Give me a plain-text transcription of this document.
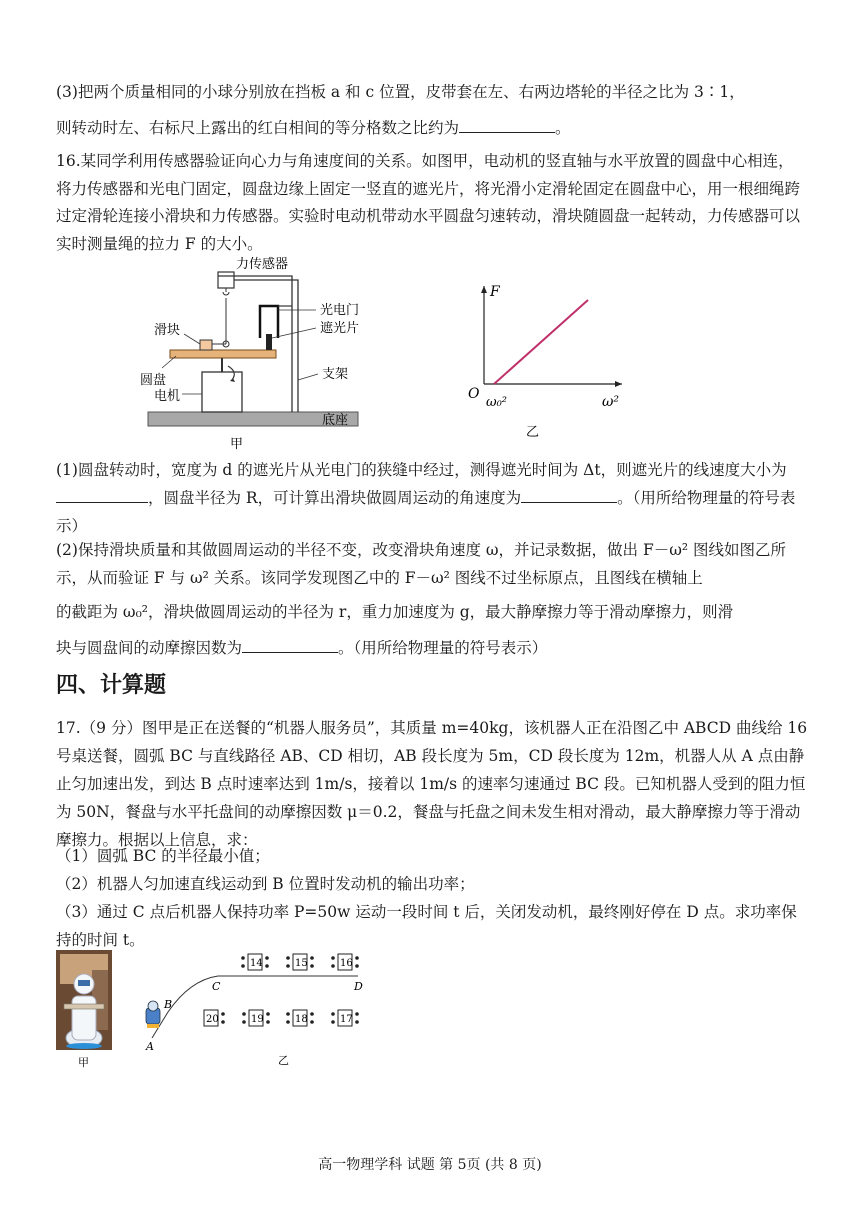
(3)把两个质量相同的小球分别放在挡板 a 和 c 位置，皮带套在左、右两边塔轮的半径之比为 3∶1，

则转动时左、右标尺上露出的红白相间的等分格数之比约为	。

16.某同学利用传感器验证向心力与角速度间的关系。如图甲，电动机的竖直轴与水平放置的圆盘中心相连，将力传感器和光电门固定，圆盘边缘上固定一竖直的遮光片，将光滑小定滑轮固定在圆盘中心，用一根细绳跨过定滑轮连接小滑块和力传感器。实验时电动机带动水平圆盘匀速转动，滑块随圆盘一起转动，力传感器可以实时测量绳的拉力 F 的大小。

力传感器
光电门
遮光片
滑块
圆盘
电机
支架
底座
甲
F
O
ω₀²	ω²
乙

(1)圆盘转动时，宽度为 d 的遮光片从光电门的狭缝中经过，测得遮光时间为 Δt，则遮光片的线速度大小为，圆盘半径为 R，可计算出滑块做圆周运动的角速度为	。（用所给物理量的符号表示）

(2)保持滑块质量和其做圆周运动的半径不变，改变滑块角速度 ω，并记录数据，做出 F－ω² 图线如图乙所示，从而验证 F 与 ω² 关系。该同学发现图乙中的 F－ω² 图线不过坐标原点，且图线在横轴上

的截距为 ω₀²，滑块做圆周运动的半径为 r，重力加速度为 g，最大静摩擦力等于滑动摩擦力，则滑

块与圆盘间的动摩擦因数为	。（用所给物理量的符号表示）

四、计算题

17.（9 分）图甲是正在送餐的“机器人服务员”，其质量 m=40kg，该机器人正在沿图乙中 ABCD 曲线给 16 号桌送餐，圆弧 BC 与直线路径 AB、CD 相切，AB 段长度为 5m，CD 段长度为 12m，机器人从 A 点由静止匀加速出发，到达 B 点时速率达到 1m/s，接着以 1m/s 的速率匀速通过 BC 段。已知机器人受到的阻力恒为 50N，餐盘与水平托盘间的动摩擦因数 μ＝0.2，餐盘与托盘之间未发生相对滑动，最大静摩擦力等于滑动摩擦力。根据以上信息，求：

（1）圆弧 BC 的半径最小值；

（2）机器人匀加速直线运动到 B 位置时发动机的输出功率；

（3）通过 C 点后机器人保持功率 P=50w 运动一段时间 t 后，关闭发动机，最终刚好停在 D 点。求功率保持的时间 t。

甲
A
B
C	D
14	15	16
20	19	18	17
乙

高一物理学科 试题 第 5页 (共 8 页)
